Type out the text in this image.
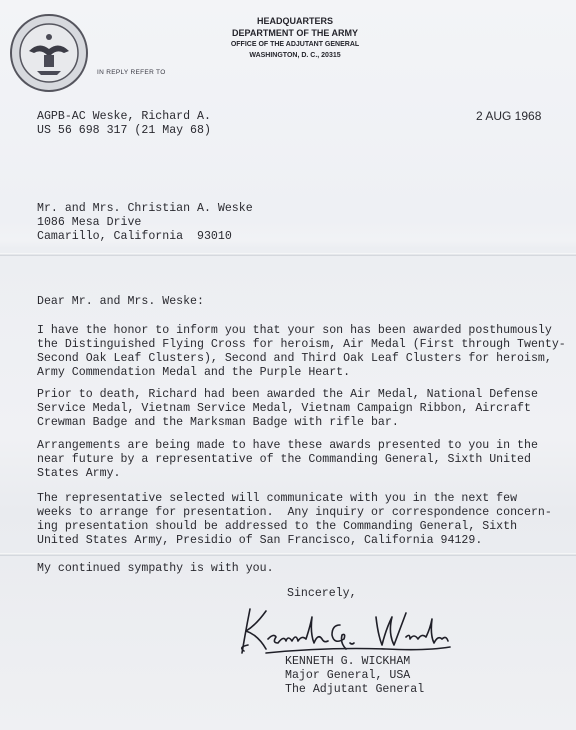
IN REPLY REFER TO
HEADQUARTERS
DEPARTMENT OF THE ARMY
OFFICE OF THE ADJUTANT GENERAL
WASHINGTON, D. C., 20315
AGPB-AC Weske, Richard A.
US 56 698 317 (21 May 68)
2 AUG 1968
Mr. and Mrs. Christian A. Weske
1086 Mesa Drive
Camarillo, California  93010
Dear Mr. and Mrs. Weske:
I have the honor to inform you that your son has been awarded posthumously
the Distinguished Flying Cross for heroism, Air Medal (First through Twenty-
Second Oak Leaf Clusters), Second and Third Oak Leaf Clusters for heroism,
Army Commendation Medal and the Purple Heart.
Prior to death, Richard had been awarded the Air Medal, National Defense
Service Medal, Vietnam Service Medal, Vietnam Campaign Ribbon, Aircraft
Crewman Badge and the Marksman Badge with rifle bar.
Arrangements are being made to have these awards presented to you in the
near future by a representative of the Commanding General, Sixth United
States Army.
The representative selected will communicate with you in the next few
weeks to arrange for presentation.  Any inquiry or correspondence concern-
ing presentation should be addressed to the Commanding General, Sixth
United States Army, Presidio of San Francisco, California 94129.
My continued sympathy is with you.
Sincerely,
KENNETH G. WICKHAM
Major General, USA
The Adjutant General
